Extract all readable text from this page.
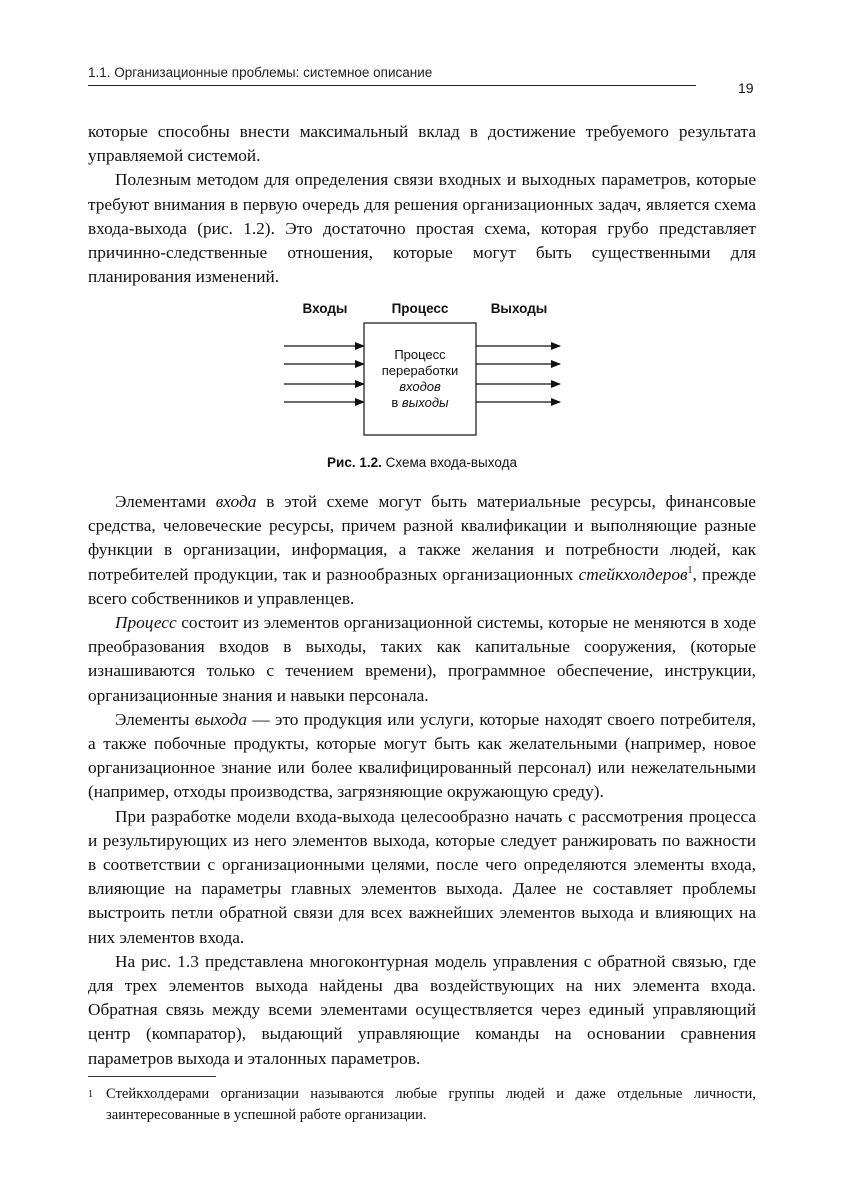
1.1. Организационные проблемы: системное описание
19

которые способны внести максимальный вклад в достижение требуемого результата управляемой системой.

Полезным методом для определения связи входных и выходных параметров, которые требуют внимания в первую очередь для решения организационных задач, является схема входа-выхода (рис. 1.2). Это достаточно простая схема, которая грубо представляет причинно-следственные отношения, которые могут быть существенными для планирования изменений.

Входы	Процесс	Выходы
Процесс
переработки
входов
в выходы
Рис. 1.2. Схема входа-выхода

Элементами входа в этой схеме могут быть материальные ресурсы, финансовые средства, человеческие ресурсы, причем разной квалификации и выполняющие разные функции в организации, информация, а также желания и потребности людей, как потребителей продукции, так и разнообразных организационных стейкхолдеров$^1$, прежде всего собственников и управленцев.

Процесс состоит из элементов организационной системы, которые не меняются в ходе преобразования входов в выходы, таких как капитальные сооружения, (которые изнашиваются только с течением времени), программное обеспечение, инструкции, организационные знания и навыки персонала.

Элементы выхода — это продукция или услуги, которые находят своего потребителя, а также побочные продукты, которые могут быть как желательными (например, новое организационное знание или более квалифицированный персонал) или нежелательными (например, отходы производства, загрязняющие окружающую среду).

При разработке модели входа-выхода целесообразно начать с рассмотрения процесса и результирующих из него элементов выхода, которые следует ранжировать по важности в соответствии с организационными целями, после чего определяются элементы входа, влияющие на параметры главных элементов выхода. Далее не составляет проблемы выстроить петли обратной связи для всех важнейших элементов выхода и влияющих на них элементов входа.

На рис. 1.3 представлена многоконтурная модель управления с обратной связью, где для трех элементов выхода найдены два воздействующих на них элемента входа. Обратная связь между всеми элементами осуществляется через единый управляющий центр (компаратор), выдающий управляющие команды на основании сравнения параметров выхода и эталонных параметров.

1 Стейкхолдерами организации называются любые группы людей и даже отдельные личности, заинтересованные в успешной работе организации.
